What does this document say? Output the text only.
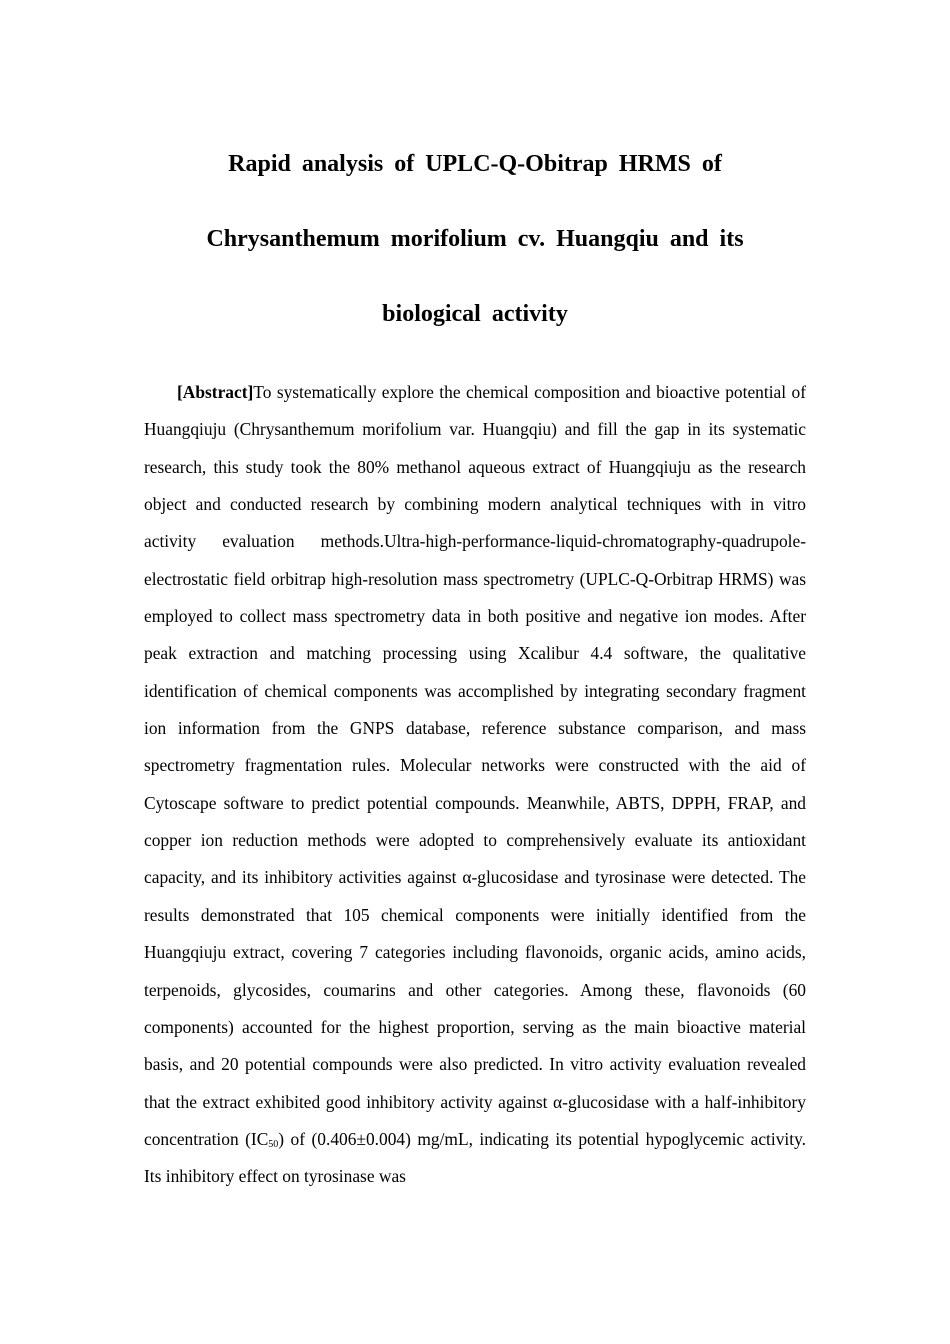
Rapid analysis of UPLC-Q-Obitrap HRMS of
Chrysanthemum morifolium cv. Huangqiu and its
biological activity

[Abstract]To systematically explore the chemical composition and bioactive potential of Huangqiuju (Chrysanthemum morifolium var. Huangqiu) and fill the gap in its systematic research, this study took the 80% methanol aqueous extract of Huangqiuju as the research object and conducted research by combining modern analytical techniques with in vitro activity evaluation methods.Ultra-high-performance-liquid-chromatography-quadrupole-electrostatic field orbitrap high-resolution mass spectrometry (UPLC-Q-Orbitrap HRMS) was employed to collect mass spectrometry data in both positive and negative ion modes. After peak extraction and matching processing using Xcalibur 4.4 software, the qualitative identification of chemical components was accomplished by integrating secondary fragment ion information from the GNPS database, reference substance comparison, and mass spectrometry fragmentation rules. Molecular networks were constructed with the aid of Cytoscape software to predict potential compounds. Meanwhile, ABTS, DPPH, FRAP, and copper ion reduction methods were adopted to comprehensively evaluate its antioxidant capacity, and its inhibitory activities against α-glucosidase and tyrosinase were detected. The results demonstrated that 105 chemical components were initially identified from the Huangqiuju extract, covering 7 categories including flavonoids, organic acids, amino acids, terpenoids, glycosides, coumarins and other categories. Among these, flavonoids (60 components) accounted for the highest proportion, serving as the main bioactive material basis, and 20 potential compounds were also predicted. In vitro activity evaluation revealed that the extract exhibited good inhibitory activity against α-glucosidase with a half-inhibitory concentration $(IC_{50})$ of (0.406±0.004) mg/mL, indicating its potential hypoglycemic activity. Its inhibitory effect on tyrosinase was
